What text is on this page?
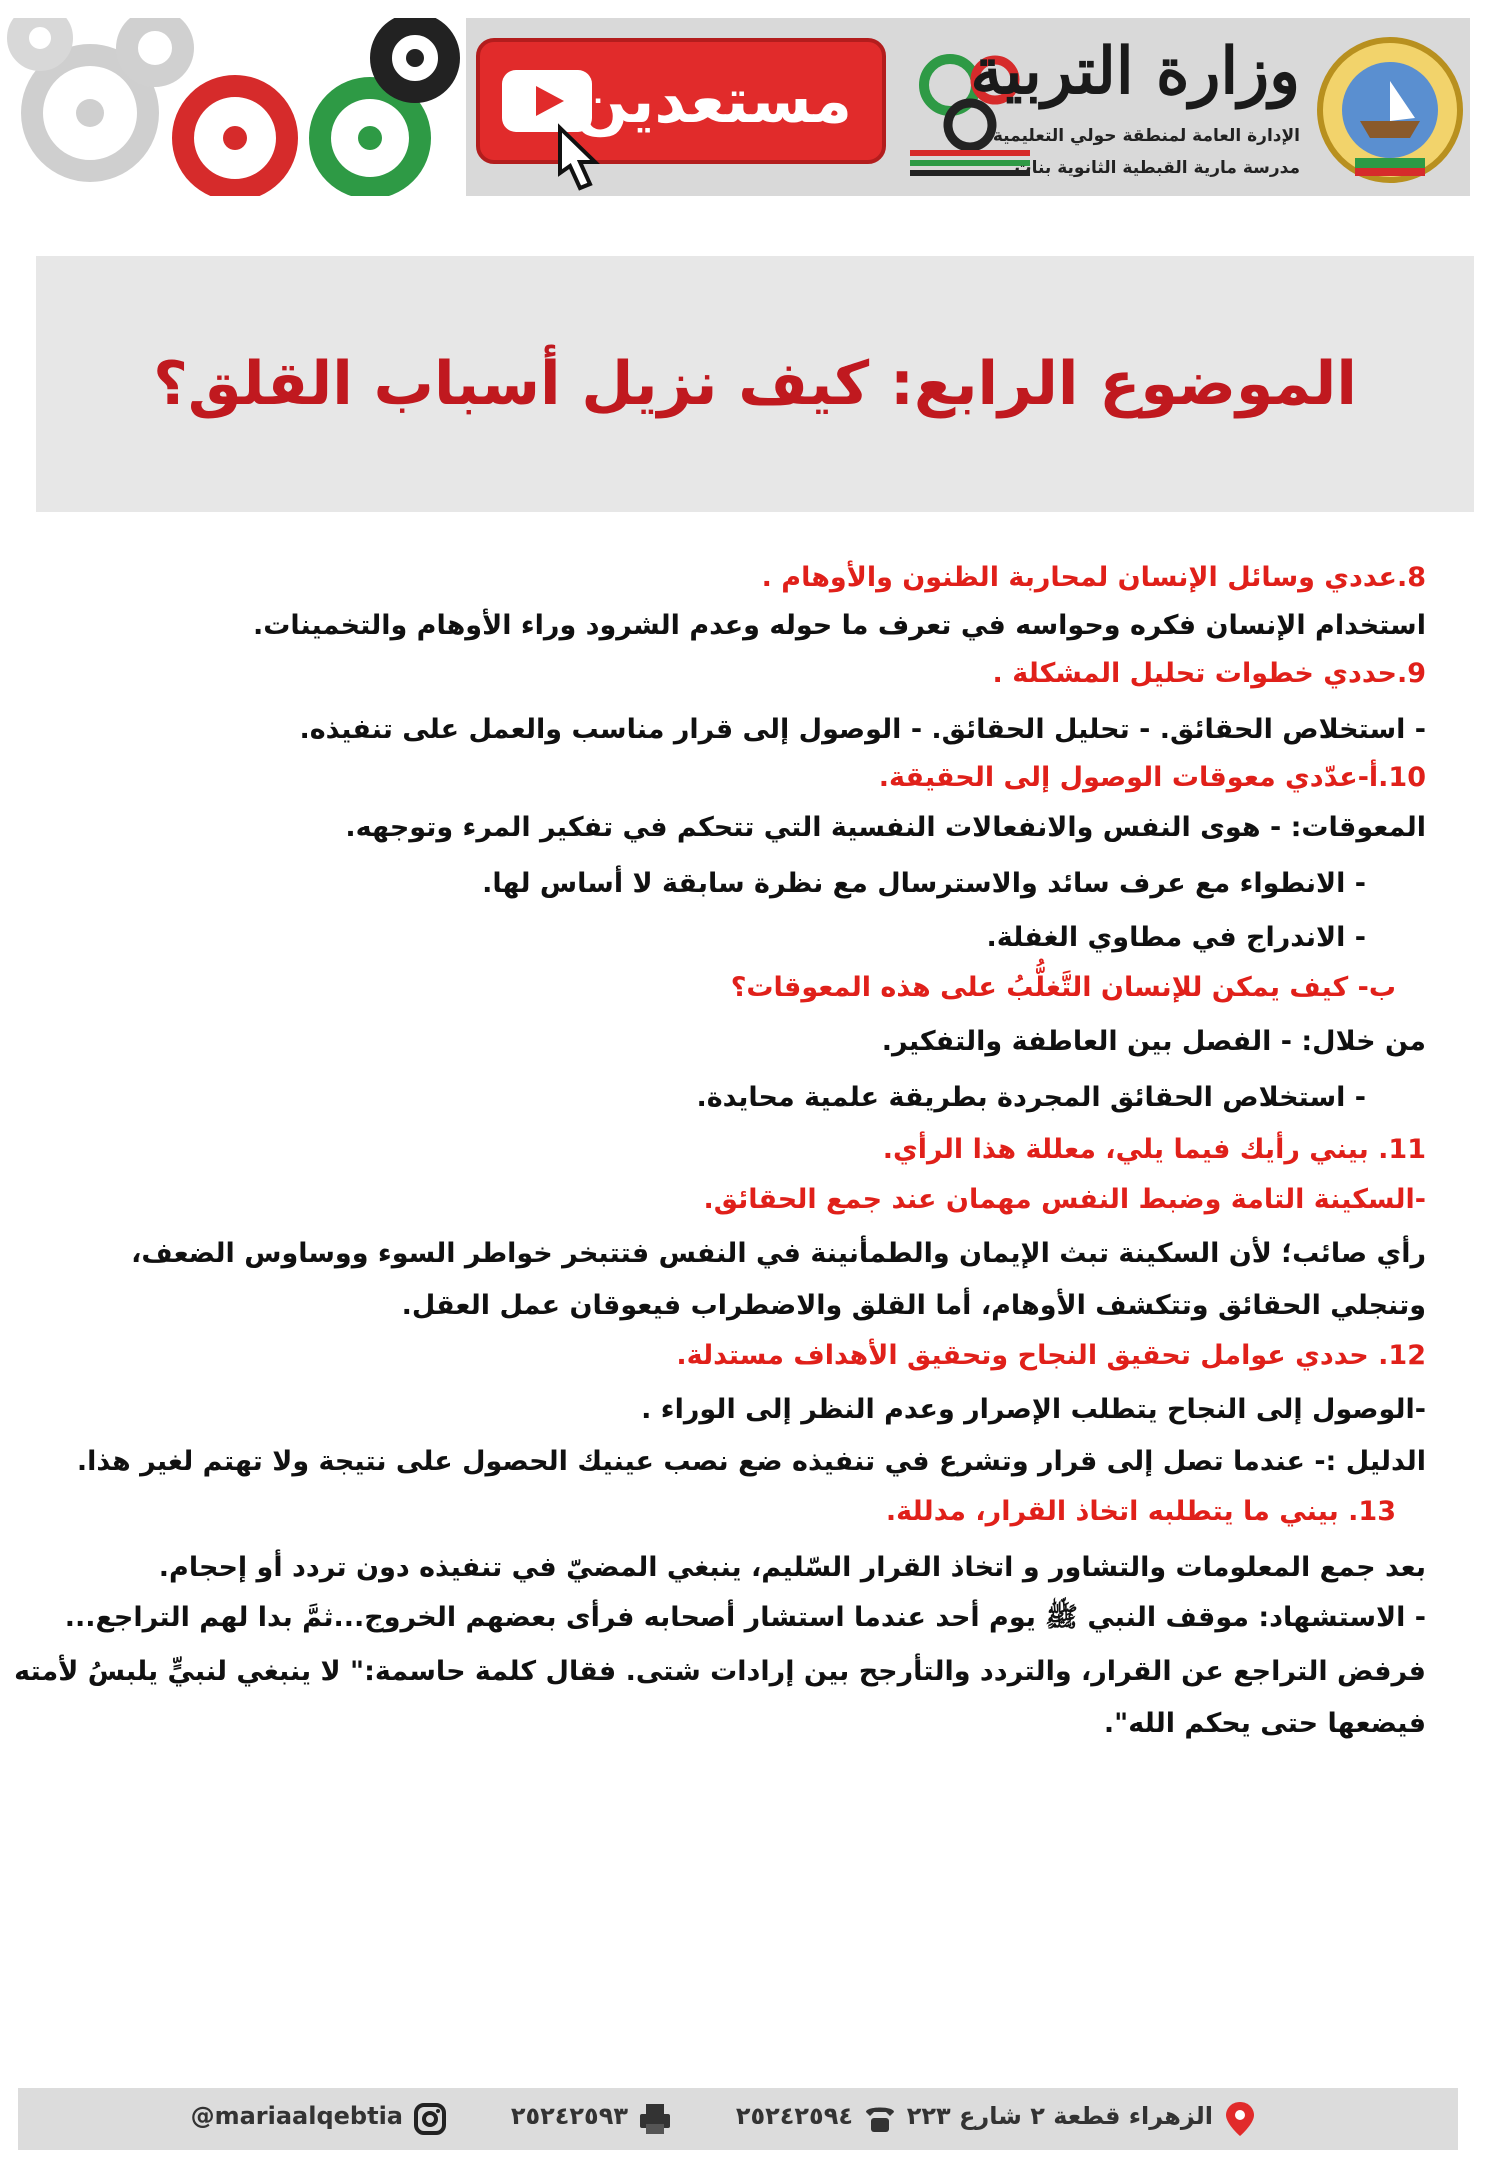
مستعدين وزارة التربية
الإدارة العامة لمنطقة حولي التعليمية
مدرسة مارية القبطية الثانوية بنات
الموضوع الرابع: كيف نزيل أسباب القلق؟
8.عددي وسائل الإنسان لمحاربة الظنون والأوهام .
استخدام الإنسان فكره وحواسه في تعرف ما حوله وعدم الشرود وراء الأوهام والتخمينات.
9.حددي خطوات تحليل المشكلة .
- استخلاص الحقائق. - تحليل الحقائق. - الوصول إلى قرار مناسب والعمل على تنفيذه.
10.أ-عدّدي معوقات الوصول إلى الحقيقة.
المعوقات: - هوى النفس والانفعالات النفسية التي تتحكم في تفكير المرء وتوجهه.
- الانطواء مع عرف سائد والاسترسال مع نظرة سابقة لا أساس لها.
- الاندراج في مطاوي الغفلة.
ب- كيف يمكن للإنسان التَّغلُّبُ على هذه المعوقات؟
من خلال: - الفصل بين العاطفة والتفكير.
- استخلاص الحقائق المجردة بطريقة علمية محايدة.
11. بيني رأيك فيما يلي، معللة هذا الرأي.
-السكينة التامة وضبط النفس مهمان عند جمع الحقائق.
رأي صائب؛ لأن السكينة تبث الإيمان والطمأنينة في النفس فتتبخر خواطر السوء ووساوس الضعف،
وتنجلي الحقائق وتتكشف الأوهام، أما القلق والاضطراب فيعوقان عمل العقل.
12. حددي عوامل تحقيق النجاح وتحقيق الأهداف مستدلة.
-الوصول إلى النجاح يتطلب الإصرار وعدم النظر إلى الوراء .
الدليل :- عندما تصل إلى قرار وتشرع في تنفيذه ضع نصب عينيك الحصول على نتيجة ولا تهتم لغير هذا.
13. بيني ما يتطلبه اتخاذ القرار، مدللة.
بعد جمع المعلومات والتشاور و اتخاذ القرار السّليم، ينبغي المضيّ في تنفيذه دون تردد أو إحجام.
- الاستشهاد: موقف النبي ﷺ يوم أحد عندما استشار أصحابه فرأى بعضهم الخروج...ثمَّ بدا لهم التراجع...
فرفض التراجع عن القرار، والتردد والتأرجح بين إرادات شتى. فقال كلمة حاسمة:" لا ينبغي لنبيٍّ يلبسُ لأمته
فيضعها حتى يحكم الله".
الزهراء قطعة ٢ شارع ٢٢٣
٢٥٢٤٢٥٩٤
٢٥٢٤٢٥٩٣
@mariaalqebtia
